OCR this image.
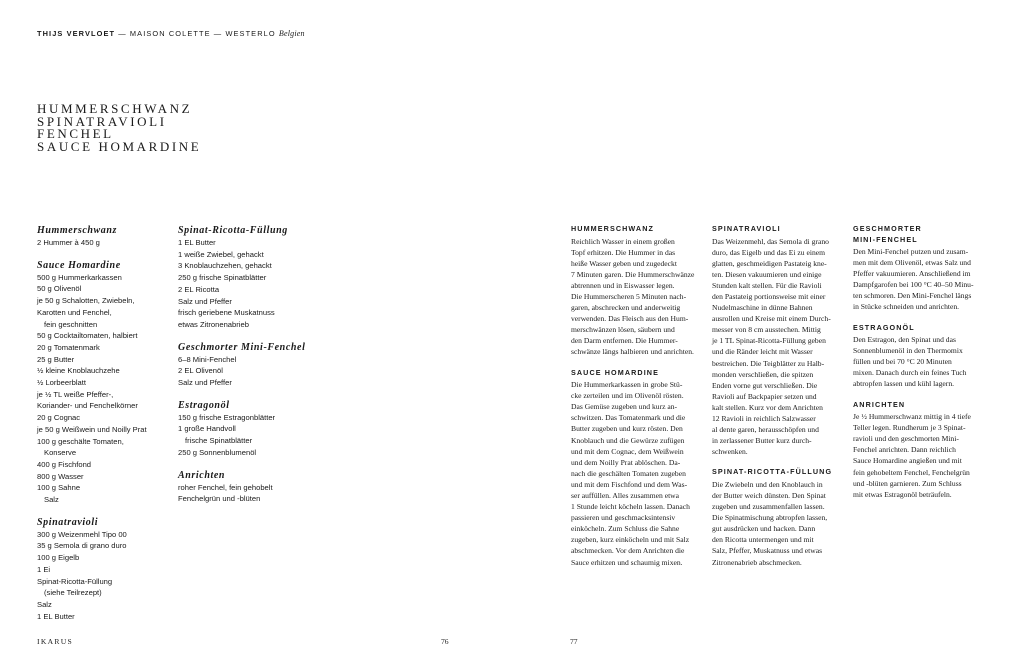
THIJS VERVLOET — MAISON COLETTE — WESTERLO Belgien
HUMMERSCHWANZ
SPINATRAVIOLI
FENCHEL
SAUCE HOMARDINE
Hummerschwanz
2 Hummer à 450 g
Sauce Homardine
500 g Hummerkarkassen
50 g Olivenöl
je 50 g Schalotten, Zwiebeln,
Karotten und Fenchel,
fein geschnitten
50 g Cocktailtomaten, halbiert
20 g Tomatenmark
25 g Butter
½ kleine Knoblauchzehe
½ Lorbeerblatt
je ½ TL weiße Pfeffer-,
Koriander- und Fenchelkörner
20 g Cognac
je 50 g Weißwein und Noilly Prat
100 g geschälte Tomaten,
Konserve
400 g Fischfond
800 g Wasser
100 g Sahne
Salz
Spinatravioli
300 g Weizenmehl Tipo 00
35 g Semola di grano duro
100 g Eigelb
1 Ei
Spinat-Ricotta-Füllung
(siehe Teilrezept)
Salz
1 EL Butter
Spinat-Ricotta-Füllung
1 EL Butter
1 weiße Zwiebel, gehackt
3 Knoblauchzehen, gehackt
250 g frische Spinatblätter
2 EL Ricotta
Salz und Pfeffer
frisch geriebene Muskatnuss
etwas Zitronenabrieb
Geschmorter Mini-Fenchel
6–8 Mini-Fenchel
2 EL Olivenöl
Salz und Pfeffer
Estragonöl
150 g frische Estragonblätter
1 große Handvoll
frische Spinatblätter
250 g Sonnenblumenöl
Anrichten
roher Fenchel, fein gehobelt
Fenchelgrün und -blüten
IKARUS	76
HUMMERSCHWANZ

Reichlich Wasser in einem großen
Topf erhitzen. Die Hummer in das
heiße Wasser geben und zugedeckt
7 Minuten garen. Die Hummerschwänze
abtrennen und in Eiswasser legen.
Die Hummerscheren 5 Minuten nach-
garen, abschrecken und anderweitig
verwenden. Das Fleisch aus den Hum-
merschwänzen lösen, säubern und
den Darm entfernen. Die Hummer-
schwänze längs halbieren und anrichten.

SAUCE HOMARDINE

Die Hummerkarkassen in grobe Stü-
cke zerteilen und im Olivenöl rösten.
Das Gemüse zugeben und kurz an-
schwitzen. Das Tomatenmark und die
Butter zugeben und kurz rösten. Den
Knoblauch und die Gewürze zufügen
und mit dem Cognac, dem Weißwein
und dem Noilly Prat ablöschen. Da-
nach die geschälten Tomaten zugeben
und mit dem Fischfond und dem Was-
ser auffüllen. Alles zusammen etwa
1 Stunde leicht köcheln lassen. Danach
passieren und geschmacksintensiv
einköcheln. Zum Schluss die Sahne
zugeben, kurz einköcheln und mit Salz
abschmecken. Vor dem Anrichten die
Sauce erhitzen und schaumig mixen.

SPINATRAVIOLI

Das Weizenmehl, das Semola di grano
duro, das Eigelb und das Ei zu einem
glatten, geschmeidigen Pastateig kne-
ten. Diesen vakuumieren und einige
Stunden kalt stellen. Für die Ravioli
den Pastateig portionsweise mit einer
Nudelmaschine in dünne Bahnen
ausrollen und Kreise mit einem Durch-
messer von 8 cm ausstechen. Mittig
je 1 TL Spinat-Ricotta-Füllung geben
und die Ränder leicht mit Wasser
bestreichen. Die Teigblätter zu Halb-
monden verschließen, die spitzen
Enden vorne gut verschließen. Die
Ravioli auf Backpapier setzen und
kalt stellen. Kurz vor dem Anrichten
12 Ravioli in reichlich Salzwasser
al dente garen, herausschöpfen und
in zerlassener Butter kurz durch-
schwenken.

SPINAT-RICOTTA-FÜLLUNG

Die Zwiebeln und den Knoblauch in
der Butter weich dünsten. Den Spinat
zugeben und zusammenfallen lassen.
Die Spinatmischung abtropfen lassen,
gut ausdrücken und hacken. Dann
den Ricotta untermengen und mit
Salz, Pfeffer, Muskatnuss und etwas
Zitronenabrieb abschmecken.

GESCHMORTER
MINI-FENCHEL

Den Mini-Fenchel putzen und zusam-
men mit dem Olivenöl, etwas Salz und
Pfeffer vakuumieren. Anschließend im
Dampfgarofen bei 100 °C 40–50 Minu-
ten schmoren. Den Mini-Fenchel längs
in Stücke schneiden und anrichten.

ESTRAGONÖL

Den Estragon, den Spinat und das
Sonnenblumenöl in den Thermomix
füllen und bei 70 °C 20 Minuten
mixen. Danach durch ein feines Tuch
abtropfen lassen und kühl lagern.

ANRICHTEN

Je ½ Hummerschwanz mittig in 4 tiefe
Teller legen. Rundherum je 3 Spinat-
ravioli und den geschmorten Mini-
Fenchel anrichten. Dann reichlich
Sauce Homardine angießen und mit
fein gehobeltem Fenchel, Fenchelgrün
und -blüten garnieren. Zum Schluss
mit etwas Estragonöl beträufeln.

77
